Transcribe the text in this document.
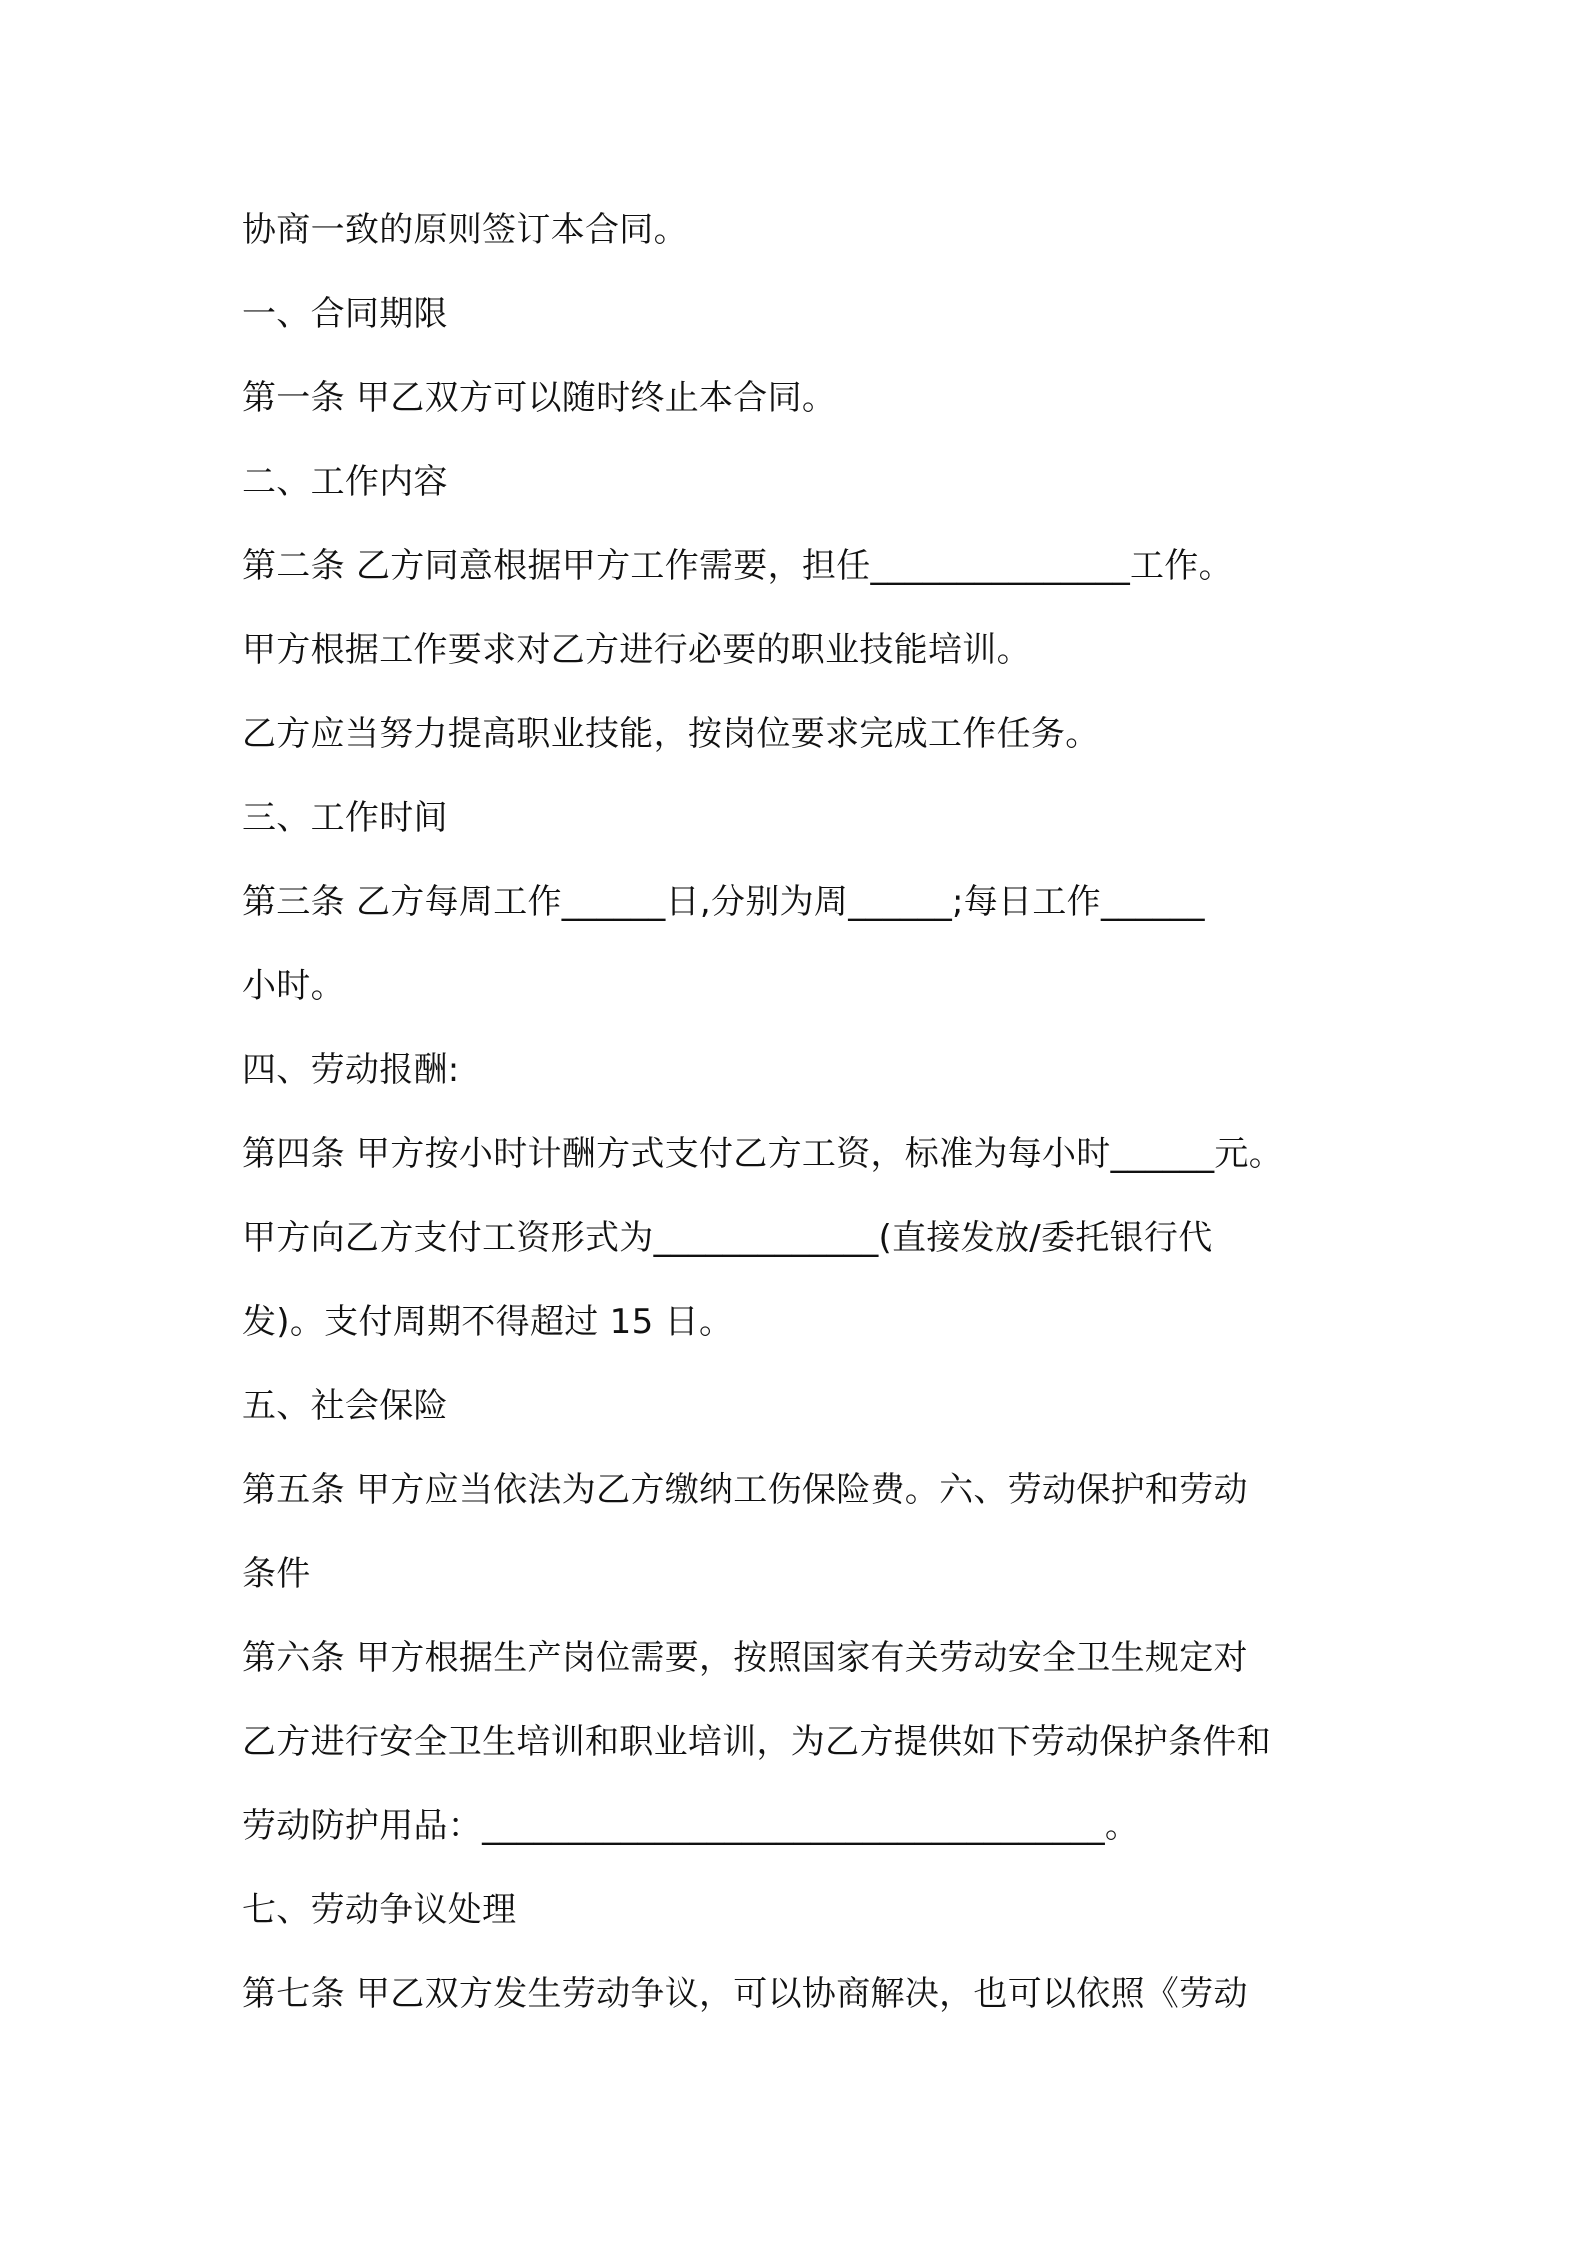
协商一致的原则签订本合同。
一、合同期限
第一条 甲乙双方可以随时终止本合同。
二、工作内容
第二条 乙方同意根据甲方工作需要，担任_______________工作。
甲方根据工作要求对乙方进行必要的职业技能培训。
乙方应当努力提高职业技能，按岗位要求完成工作任务。
三、工作时间
第三条 乙方每周工作______日,分别为周______;每日工作______
小时。
四、劳动报酬:
第四条 甲方按小时计酬方式支付乙方工资，标准为每小时______元。
甲方向乙方支付工资形式为_____________(直接发放/委托银行代
发)。支付周期不得超过 15 日。
五、社会保险
第五条 甲方应当依法为乙方缴纳工伤保险费。六、劳动保护和劳动
条件
第六条 甲方根据生产岗位需要，按照国家有关劳动安全卫生规定对
乙方进行安全卫生培训和职业培训，为乙方提供如下劳动保护条件和
劳动防护用品：____________________________________。
七、劳动争议处理
第七条 甲乙双方发生劳动争议，可以协商解决，也可以依照《劳动
